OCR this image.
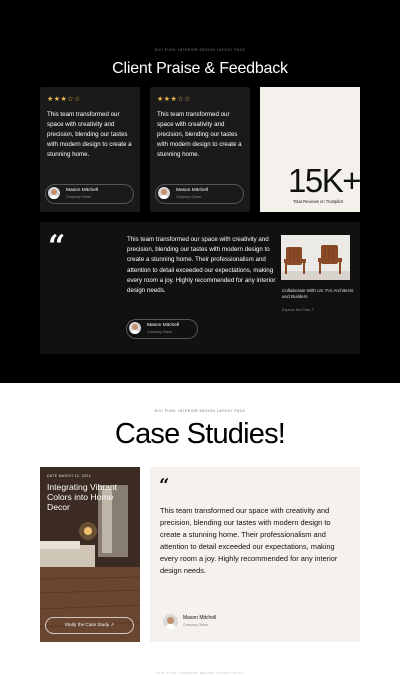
DIVI PIXEL INTERIOR DESIGN LAYOUT PACK
Client Praise & Feedback
★★★☆☆
This team transformed our space with creativity and precision, blending our tastes with modern design to create a stunning home.
Mason Mitchell
Company Owner
★★★☆☆
This team transformed our space with creativity and precision, blending our tastes with modern design to create a stunning home.
Mason Mitchell
Company Owner	15K+
Total Reviews on Trustpilot
“	This team transformed our space with creativity and precision, blending our tastes with modern design to create a stunning home. Their professionalism and attention to detail exceeded our expectations, making every room a joy. Highly recommended for any interior design needs.
Mason Mitchell
Company Owner
Collaborate With Us: For Architects and Builders
Explore the Past ↗
DIVI PIXEL INTERIOR DESIGN LAYOUT PACK
Case Studies!
DATE MARCH 12, 2024
Integrating Vibrant Colors into Home Decor
Study the Case Study ↗
“
This team transformed our space with creativity and precision, blending our tastes with modern design to create a stunning home. Their professionalism and attention to detail exceeded our expectations, making every room a joy. Highly recommended for any interior design needs.
Mason Mitchell
Company Owner
DIVI PIXEL INTERIOR DESIGN LAYOUT PACK
